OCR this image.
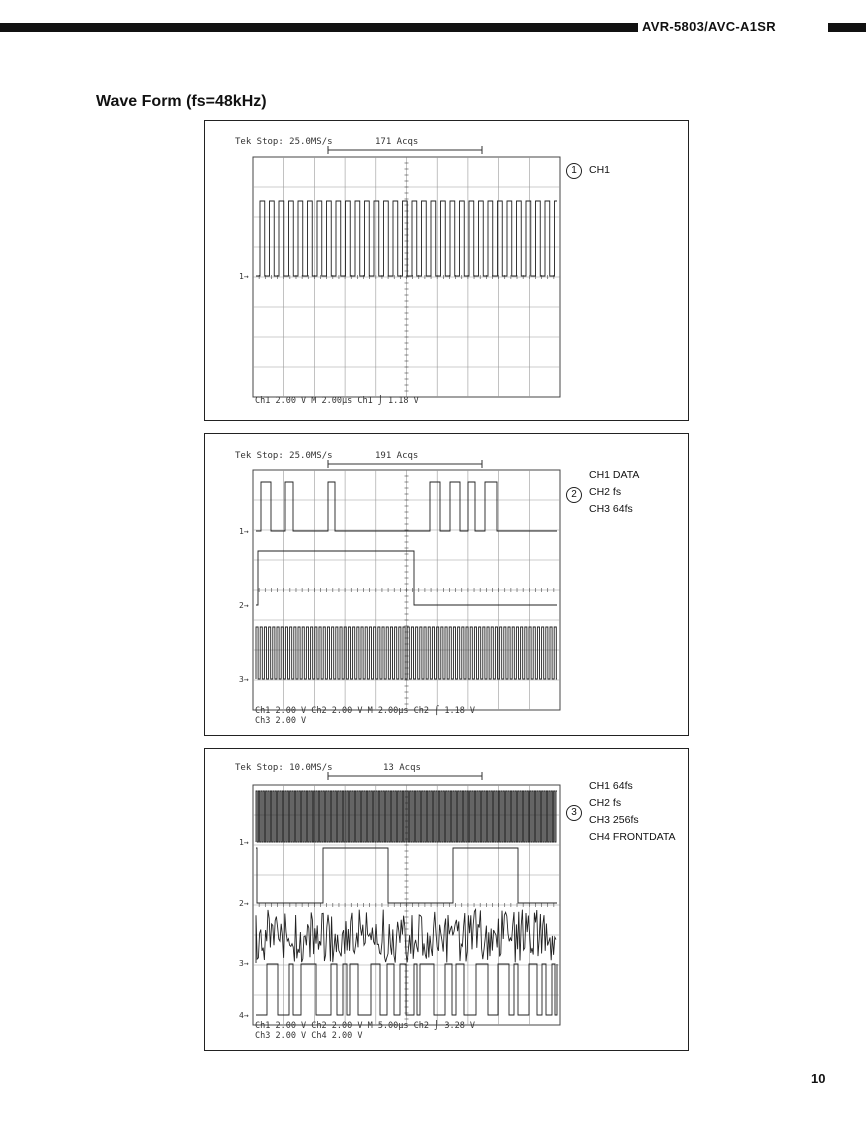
AVR-5803/AVC-A1SR
Wave Form (fs=48kHz)
Tek Stop: 25.0MS/s	171 Acqs
1→
Ch1 2.00 V M 2.00µs Ch1 ⌡ 1.18 V
1	CH1
Tek Stop: 25.0MS/s	191 Acqs
1→
2→
3→
Ch1 2.00 V Ch2 2.00 V M 2.00µs Ch2 ⌠ 1.18 V
Ch3 2.00 V
2
CH1 DATA
CH2 fs
CH3 64fs
Tek Stop: 10.0MS/s	13 Acqs
1→
2→
3→
4→
Ch1 2.00 V Ch2 2.00 V M 5.00µs Ch2 ⌡ 3.28 V
Ch3 2.00 V Ch4 2.00 V
3
CH1 64fs
CH2 fs
CH3 256fs
CH4 FRONTDATA
10
